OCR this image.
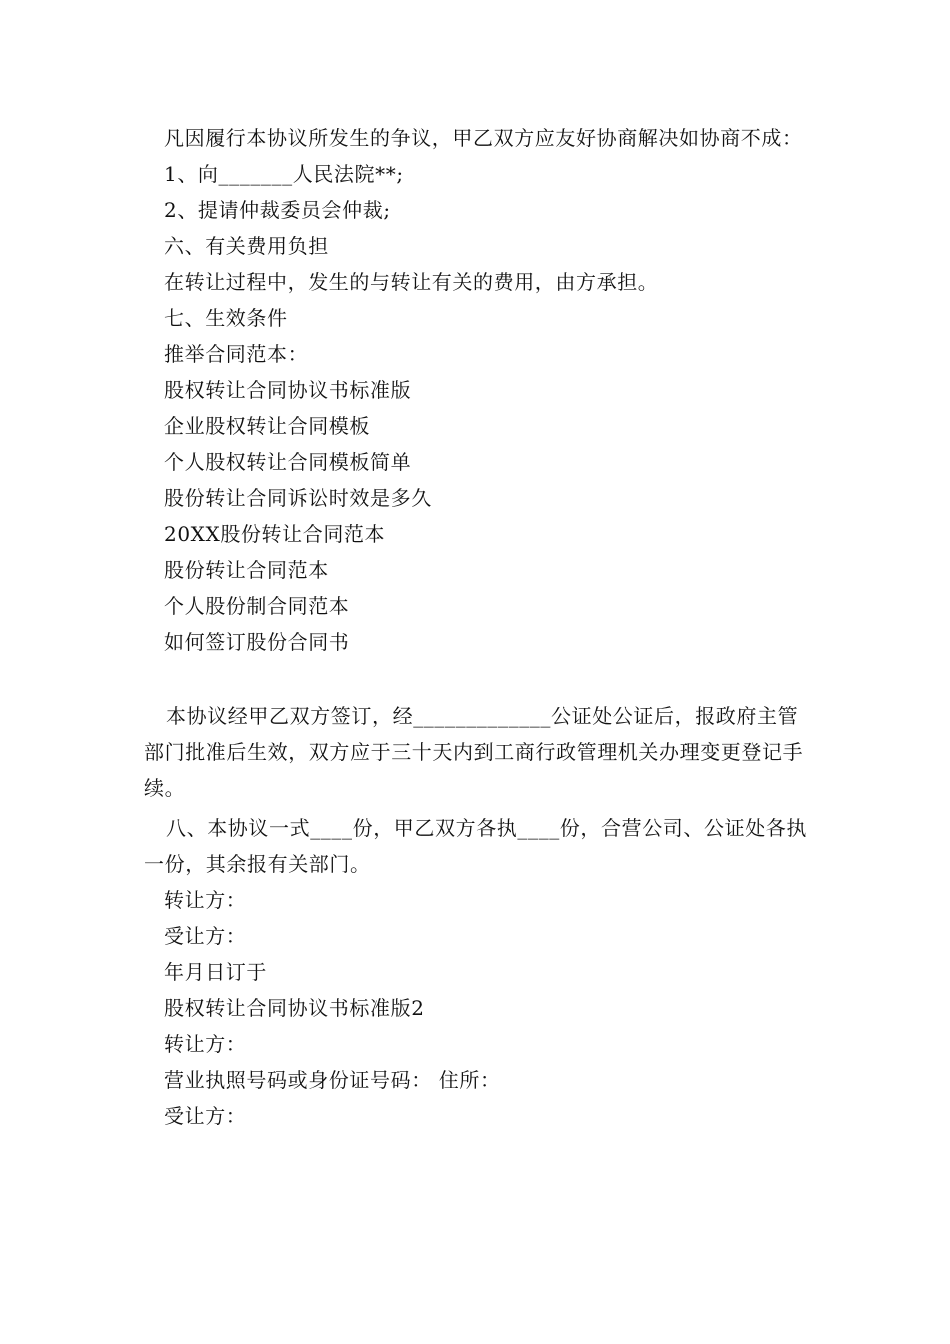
凡因履行本协议所发生的争议，甲乙双方应友好协商解决如协商不成：

1、向_______人民法院**;

2、提请仲裁委员会仲裁;

六、有关费用负担

在转让过程中，发生的与转让有关的费用，由方承担。

七、生效条件

推举合同范本：

股权转让合同协议书标准版

企业股权转让合同模板

个人股权转让合同模板简单

股份转让合同诉讼时效是多久

20XX股份转让合同范本

股份转让合同范本

个人股份制合同范本

如何签订股份合同书

本协议经甲乙双方签订，经_____________公证处公证后，报政府主管部门批准后生效，双方应于三十天内到工商行政管理机关办理变更登记手续。

八、本协议一式____份，甲乙双方各执____份，合营公司、公证处各执一份，其余报有关部门。

转让方：

受让方：

年月日订于

股权转让合同协议书标准版2

转让方：

营业执照号码或身份证号码： 住所：

受让方：
